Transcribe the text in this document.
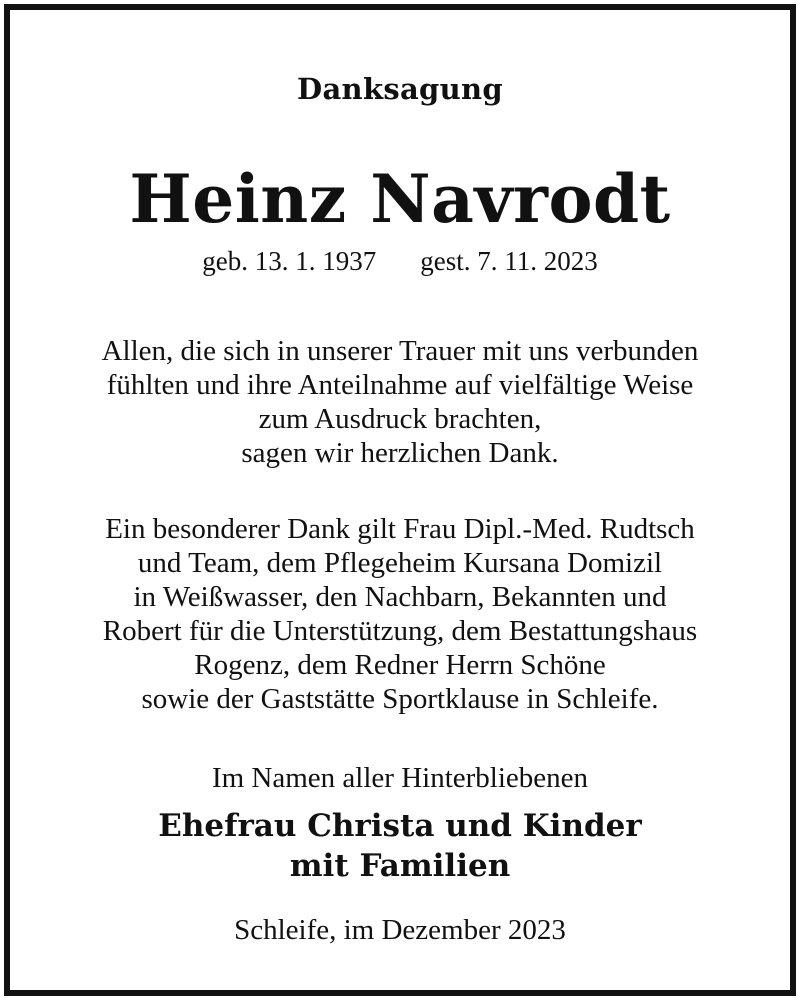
Danksagung
Heinz Navrodt
geb. 13. 1. 1937 gest. 7. 11. 2023
Allen, die sich in unserer Trauer mit uns verbunden
fühlten und ihre Anteilnahme auf vielfältige Weise
zum Ausdruck brachten,
sagen wir herzlichen Dank.
Ein besonderer Dank gilt Frau Dipl.-Med. Rudtsch
und Team, dem Pflegeheim Kursana Domizil
in Weißwasser, den Nachbarn, Bekannten und
Robert für die Unterstützung, dem Bestattungshaus
Rogenz, dem Redner Herrn Schöne
sowie der Gaststätte Sportklause in Schleife.
Im Namen aller Hinterbliebenen
Ehefrau Christa und Kinder
mit Familien
Schleife, im Dezember 2023
